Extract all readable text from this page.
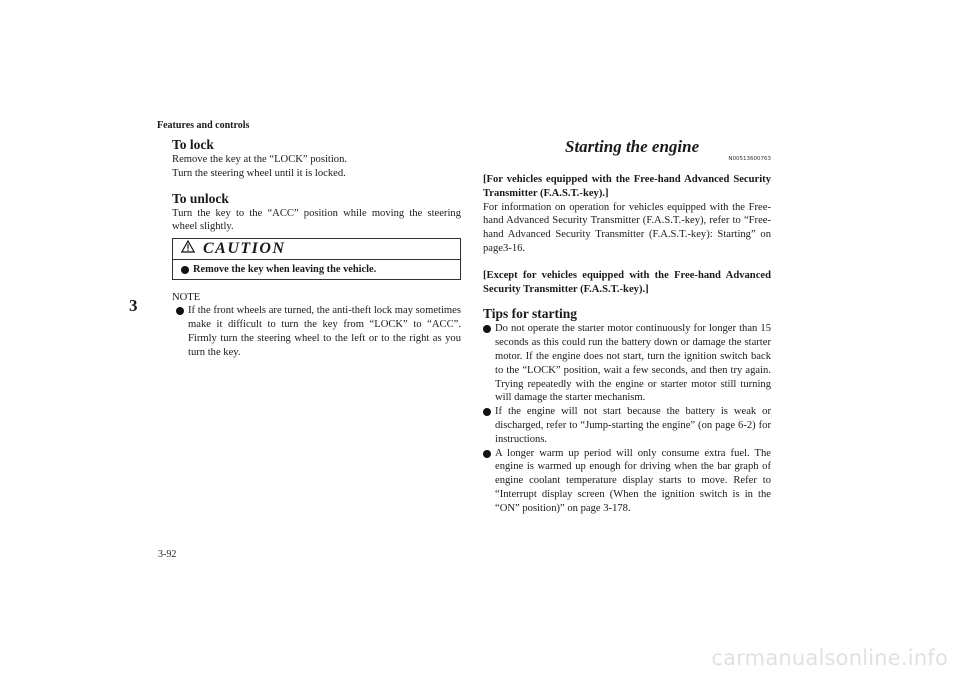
Features and controls
3
3-92
To lock

Remove the key at the “LOCK” position.

Turn the steering wheel until it is locked.

To unlock

Turn the key to the “ACC” position while moving the steering wheel slightly.

CAUTION
Remove the key when leaving the vehicle.
NOTE
If the front wheels are turned, the anti-theft lock may sometimes make it difficult to turn the key from “LOCK” to “ACC”. Firmly turn the steering wheel to the left or to the right as you turn the key.
Starting the engine
N00513600763

[For vehicles equipped with the Free-hand Advanced Security Transmitter (F.A.S.T.-key).]

For information on operation for vehicles equipped with the Free-hand Advanced Security Transmitter (F.A.S.T.-key), refer to “Free-hand Advanced Security Transmitter (F.A.S.T.-key): Starting” on page3-16.

[Except for vehicles equipped with the Free-hand Advanced Security Transmitter (F.A.S.T.-key).]

Tips for starting
Do not operate the starter motor continuously for longer than 15 seconds as this could run the battery down or damage the starter motor. If the engine does not start, turn the ignition switch back to the “LOCK” position, wait a few seconds, and then try again. Trying repeatedly with the engine or starter motor still turning will damage the starter mechanism.
If the engine will not start because the battery is weak or discharged, refer to “Jump-starting the engine” (on page 6-2) for instructions.
A longer warm up period will only consume extra fuel. The engine is warmed up enough for driving when the bar graph of engine coolant temperature display starts to move. Refer to “Interrupt display screen (When the ignition switch is in the “ON” position)” on page 3-178.
carmanualsonline.info
